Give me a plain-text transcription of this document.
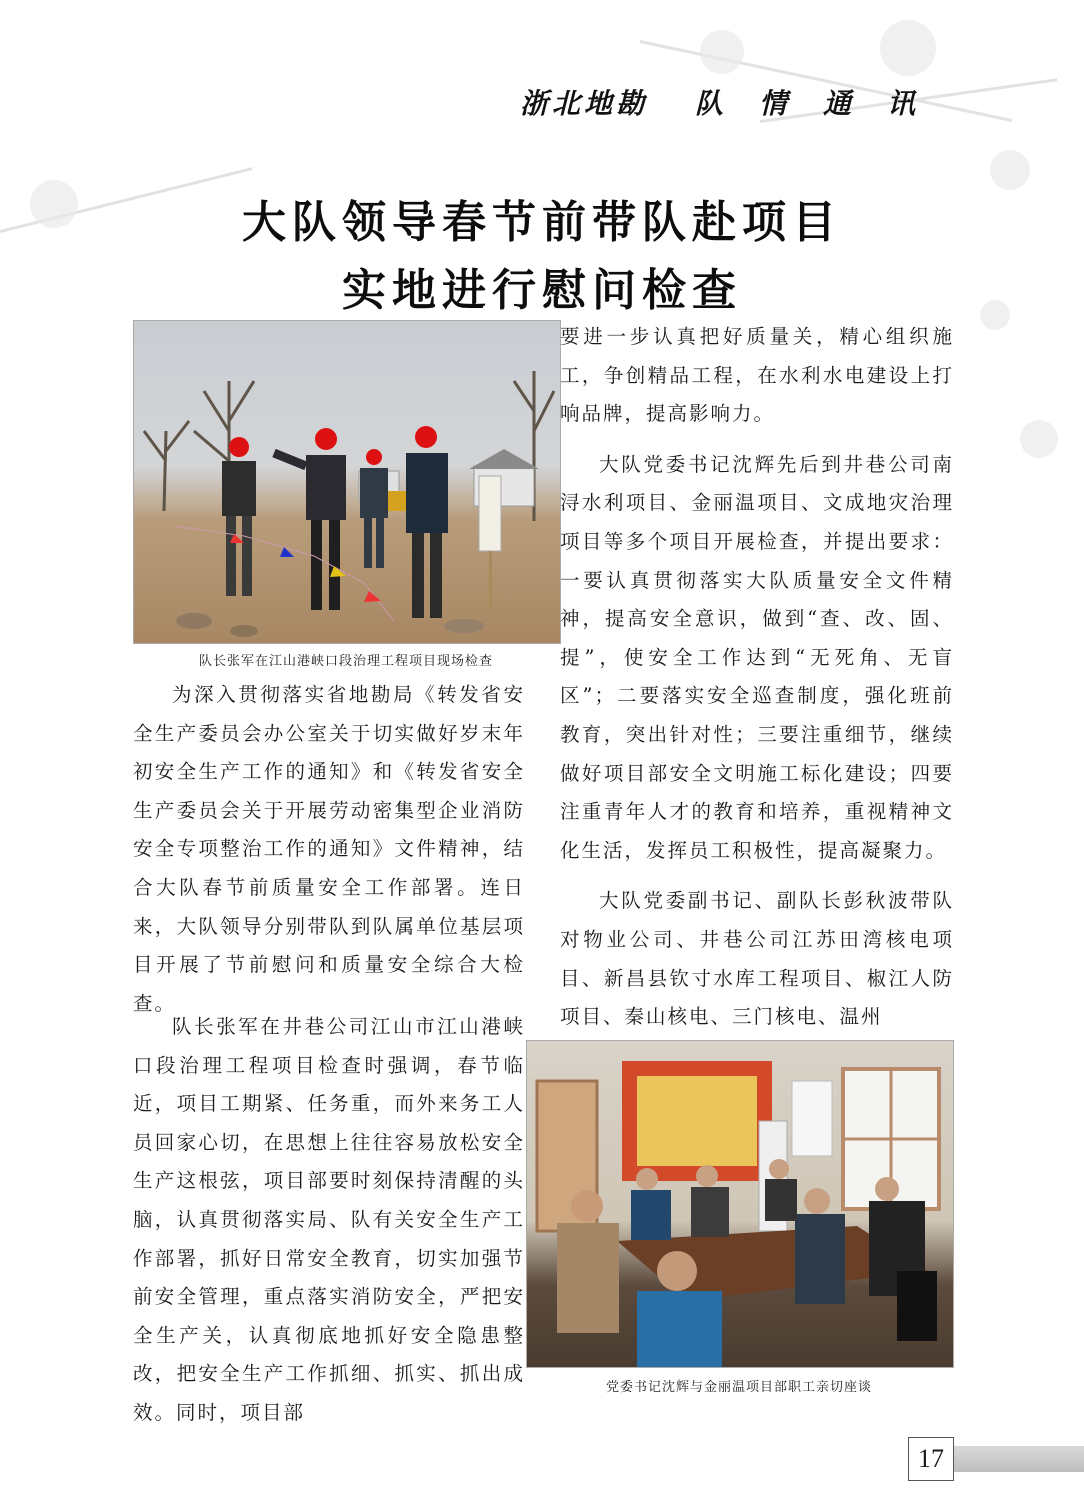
浙北地勘 队情通讯
大队领导春节前带队赴项目
实地进行慰问检查
队长张军在江山港峡口段治理工程项目现场检查

为深入贯彻落实省地勘局《转发省安全生产委员会办公室关于切实做好岁末年初安全生产工作的通知》和《转发省安全生产委员会关于开展劳动密集型企业消防安全专项整治工作的通知》文件精神，结合大队春节前质量安全工作部署。连日来，大队领导分别带队到队属单位基层项目开展了节前慰问和质量安全综合大检查。

队长张军在井巷公司江山市江山港峡口段治理工程项目检查时强调，春节临近，项目工期紧、任务重，而外来务工人员回家心切，在思想上往往容易放松安全生产这根弦，项目部要时刻保持清醒的头脑，认真贯彻落实局、队有关安全生产工作部署，抓好日常安全教育，切实加强节前安全管理，重点落实消防安全，严把安全生产关，认真彻底地抓好安全隐患整改，把安全生产工作抓细、抓实、抓出成效。同时，项目部

要进一步认真把好质量关，精心组织施工，争创精品工程，在水利水电建设上打响品牌，提高影响力。

大队党委书记沈辉先后到井巷公司南浔水利项目、金丽温项目、文成地灾治理项目等多个项目开展检查，并提出要求：一要认真贯彻落实大队质量安全文件精神，提高安全意识，做到“查、改、固、提”，使安全工作达到“无死角、无盲区”；二要落实安全巡查制度，强化班前教育，突出针对性；三要注重细节，继续做好项目部安全文明施工标化建设；四要注重青年人才的教育和培养，重视精神文化生活，发挥员工积极性，提高凝聚力。

大队党委副书记、副队长彭秋波带队对物业公司、井巷公司江苏田湾核电项目、新昌县钦寸水库工程项目、椒江人防项目、秦山核电、三门核电、温州

党委书记沈辉与金丽温项目部职工亲切座谈
17
